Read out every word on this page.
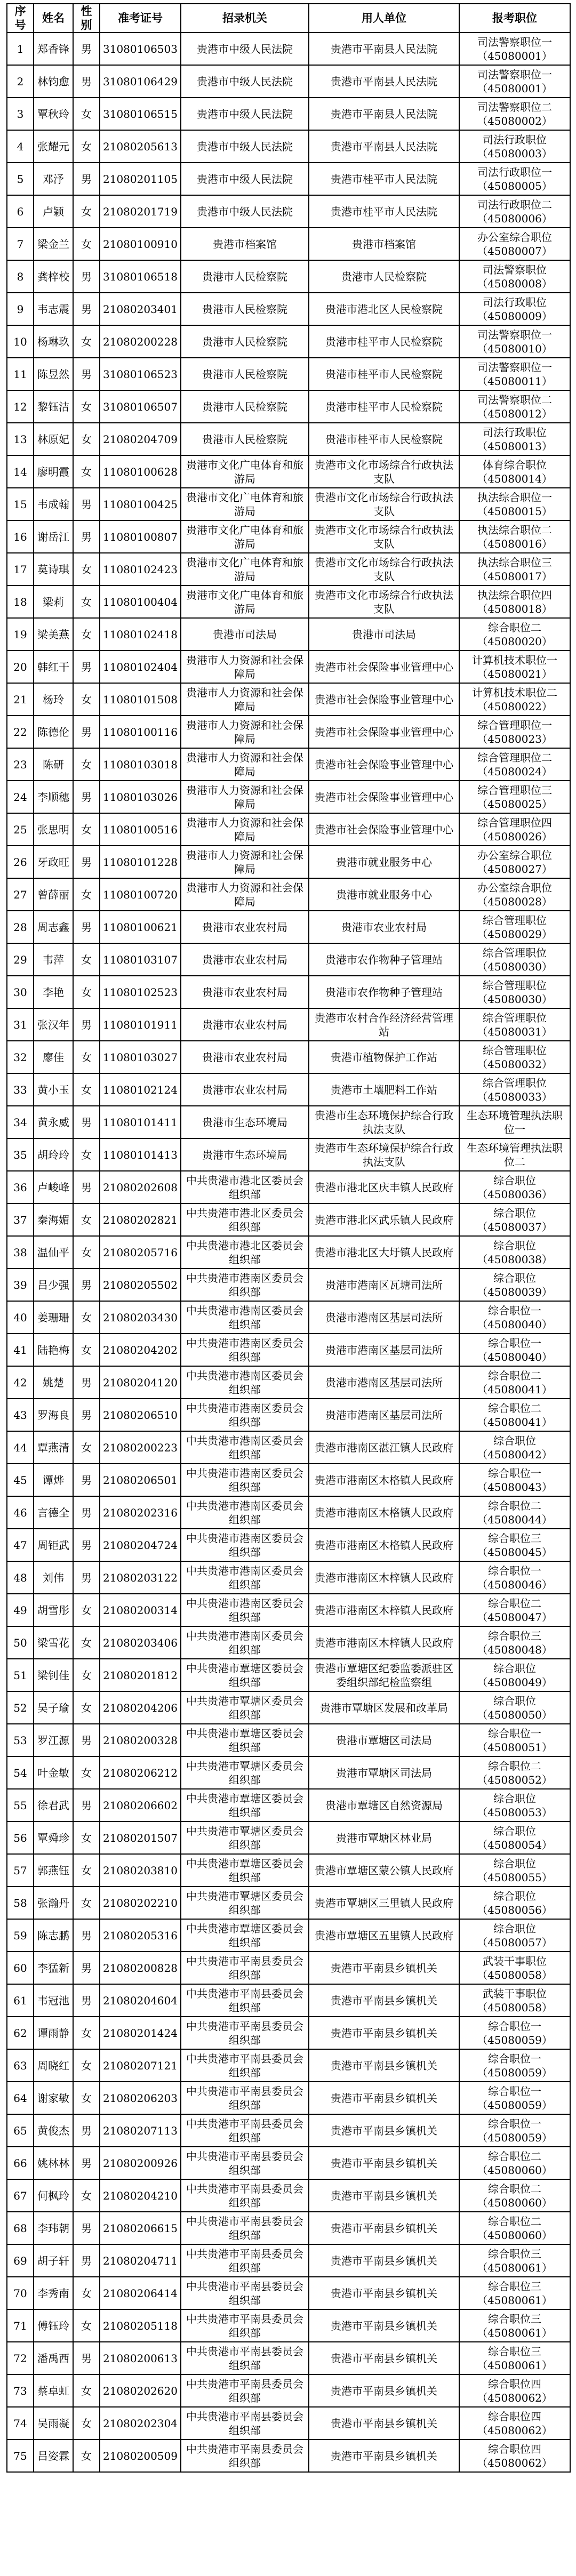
序号	姓名	性别	准考证号	招录机关	用人单位	报考职位
1	郑香锋	男	31080106503	贵港市中级人民法院	贵港市平南县人民法院	司法警察职位一（45080001）
2	林钧愈	男	31080106429	贵港市中级人民法院	贵港市平南县人民法院	司法警察职位一（45080001）
3	覃秋玲	女	31080106515	贵港市中级人民法院	贵港市平南县人民法院	司法警察职位二（45080002）
4	张耀元	女	21080205613	贵港市中级人民法院	贵港市平南县人民法院	司法行政职位（45080003）
5	邓汿	男	21080201105	贵港市中级人民法院	贵港市桂平市人民法院	司法行政职位一（45080005）
6	卢颖	女	21080201719	贵港市中级人民法院	贵港市桂平市人民法院	司法行政职位二（45080006）
7	梁金兰	女	21080100910	贵港市档案馆	贵港市档案馆	办公室综合职位（45080007）
8	龚梓校	男	31080106518	贵港市人民检察院	贵港市人民检察院	司法警察职位（45080008）
9	韦志震	男	21080203401	贵港市人民检察院	贵港市港北区人民检察院	司法行政职位（45080009）
10	杨琳玖	女	21080200228	贵港市人民检察院	贵港市桂平市人民检察院	司法警察职位一（45080010）
11	陈昱然	男	31080106523	贵港市人民检察院	贵港市桂平市人民检察院	司法警察职位一（45080011）
12	黎钰洁	女	31080106507	贵港市人民检察院	贵港市桂平市人民检察院	司法警察职位二（45080012）
13	林原妃	女	21080204709	贵港市人民检察院	贵港市桂平市人民检察院	司法行政职位（45080013）
14	廖明霞	女	11080100628	贵港市文化广电体育和旅游局	贵港市文化市场综合行政执法支队	体育综合职位（45080014）
15	韦成翰	男	11080100425	贵港市文化广电体育和旅游局	贵港市文化市场综合行政执法支队	执法综合职位一（45080015）
16	谢岳江	男	11080100807	贵港市文化广电体育和旅游局	贵港市文化市场综合行政执法支队	执法综合职位二（45080016）
17	莫诗琪	女	11080102423	贵港市文化广电体育和旅游局	贵港市文化市场综合行政执法支队	执法综合职位三（45080017）
18	梁莉	女	11080100404	贵港市文化广电体育和旅游局	贵港市文化市场综合行政执法支队	执法综合职位四（45080018）
19	梁美燕	女	11080102418	贵港市司法局	贵港市司法局	综合职位二（45080020）
20	韩红干	男	11080102404	贵港市人力资源和社会保障局	贵港市社会保险事业管理中心	计算机技术职位一（45080021）
21	杨玲	女	11080101508	贵港市人力资源和社会保障局	贵港市社会保险事业管理中心	计算机技术职位二（45080022）
22	陈德伦	男	11080100116	贵港市人力资源和社会保障局	贵港市社会保险事业管理中心	综合管理职位一（45080023）
23	陈研	女	11080103018	贵港市人力资源和社会保障局	贵港市社会保险事业管理中心	综合管理职位二（45080024）
24	李顺穗	男	11080103026	贵港市人力资源和社会保障局	贵港市社会保险事业管理中心	综合管理职位三（45080025）
25	张思明	女	11080100516	贵港市人力资源和社会保障局	贵港市社会保险事业管理中心	综合管理职位四（45080026）
26	牙政旺	男	11080101228	贵港市人力资源和社会保障局	贵港市就业服务中心	办公室综合职位（45080027）
27	曾薛丽	女	11080100720	贵港市人力资源和社会保障局	贵港市就业服务中心	办公室综合职位（45080028）
28	周志鑫	男	11080100621	贵港市农业农村局	贵港市农业农村局	综合管理职位（45080029）
29	韦萍	女	11080103107	贵港市农业农村局	贵港市农作物种子管理站	综合管理职位（45080030）
30	李艳	女	11080102523	贵港市农业农村局	贵港市农作物种子管理站	综合管理职位（45080030）
31	张汉年	男	11080101911	贵港市农业农村局	贵港市农村合作经济经营管理站	综合管理职位（45080031）
32	廖佳	女	11080103027	贵港市农业农村局	贵港市植物保护工作站	综合管理职位（45080032）
33	黄小玉	女	11080102124	贵港市农业农村局	贵港市土壤肥料工作站	综合管理职位（45080033）
34	黄永威	男	11080101411	贵港市生态环境局	贵港市生态环境保护综合行政执法支队	生态环境管理执法职位一
35	胡玲玲	女	11080101413	贵港市生态环境局	贵港市生态环境保护综合行政执法支队	生态环境管理执法职位二
36	卢峻峰	男	21080202608	中共贵港市港北区委员会组织部	贵港市港北区庆丰镇人民政府	综合职位（45080036）
37	秦海媚	女	21080202821	中共贵港市港北区委员会组织部	贵港市港北区武乐镇人民政府	综合职位（45080037）
38	温仙平	女	21080205716	中共贵港市港北区委员会组织部	贵港市港北区大圩镇人民政府	综合职位（45080038）
39	吕少强	男	21080205502	中共贵港市港南区委员会组织部	贵港市港南区瓦塘司法所	综合职位（45080039）
40	姜珊珊	女	21080203430	中共贵港市港南区委员会组织部	贵港市港南区基层司法所	综合职位一（45080040）
41	陆艳梅	女	21080204202	中共贵港市港南区委员会组织部	贵港市港南区基层司法所	综合职位一（45080040）
42	姚楚	男	21080204120	中共贵港市港南区委员会组织部	贵港市港南区基层司法所	综合职位二（45080041）
43	罗海良	男	21080206510	中共贵港市港南区委员会组织部	贵港市港南区基层司法所	综合职位二（45080041）
44	覃燕清	女	21080200223	中共贵港市港南区委员会组织部	贵港市港南区湛江镇人民政府	综合职位（45080042）
45	谭烨	男	21080206501	中共贵港市港南区委员会组织部	贵港市港南区木格镇人民政府	综合职位一（45080043）
46	言德全	男	21080202316	中共贵港市港南区委员会组织部	贵港市港南区木格镇人民政府	综合职位二（45080044）
47	周钜武	男	21080204724	中共贵港市港南区委员会组织部	贵港市港南区木格镇人民政府	综合职位三（45080045）
48	刘伟	男	21080203122	中共贵港市港南区委员会组织部	贵港市港南区木梓镇人民政府	综合职位一（45080046）
49	胡雪彤	女	21080200314	中共贵港市港南区委员会组织部	贵港市港南区木梓镇人民政府	综合职位二（45080047）
50	梁雪花	女	21080203406	中共贵港市港南区委员会组织部	贵港市港南区木梓镇人民政府	综合职位三（45080048）
51	梁钊佳	女	21080201812	中共贵港市覃塘区委员会组织部	贵港市覃塘区纪委监委派驻区委组织部纪检监察组	综合职位（45080049）
52	吴子瑜	女	21080204206	中共贵港市覃塘区委员会组织部	贵港市覃塘区发展和改革局	综合职位（45080050）
53	罗江源	男	21080200328	中共贵港市覃塘区委员会组织部	贵港市覃塘区司法局	综合职位一（45080051）
54	叶金敏	女	21080206212	中共贵港市覃塘区委员会组织部	贵港市覃塘区司法局	综合职位二（45080052）
55	徐君武	男	21080206602	中共贵港市覃塘区委员会组织部	贵港市覃塘区自然资源局	综合职位（45080053）
56	覃舜珍	女	21080201507	中共贵港市覃塘区委员会组织部	贵港市覃塘区林业局	综合职位（45080054）
57	郭燕钰	女	21080203810	中共贵港市覃塘区委员会组织部	贵港市覃塘区蒙公镇人民政府	综合职位（45080055）
58	张瀚丹	女	21080202210	中共贵港市覃塘区委员会组织部	贵港市覃塘区三里镇人民政府	综合职位（45080056）
59	陈志鹏	男	21080205316	中共贵港市覃塘区委员会组织部	贵港市覃塘区五里镇人民政府	综合职位（45080057）
60	李猛新	男	21080200828	中共贵港市平南县委员会组织部	贵港市平南县乡镇机关	武装干事职位（45080058）
61	韦冠池	男	21080204604	中共贵港市平南县委员会组织部	贵港市平南县乡镇机关	武装干事职位（45080058）
62	谭雨静	女	21080201424	中共贵港市平南县委员会组织部	贵港市平南县乡镇机关	综合职位一（45080059）
63	周晓红	女	21080207121	中共贵港市平南县委员会组织部	贵港市平南县乡镇机关	综合职位一（45080059）
64	谢家敏	女	21080206203	中共贵港市平南县委员会组织部	贵港市平南县乡镇机关	综合职位一（45080059）
65	黄俊杰	男	21080207113	中共贵港市平南县委员会组织部	贵港市平南县乡镇机关	综合职位一（45080059）
66	姚林林	男	21080200926	中共贵港市平南县委员会组织部	贵港市平南县乡镇机关	综合职位二（45080060）
67	何枫玲	女	21080204210	中共贵港市平南县委员会组织部	贵港市平南县乡镇机关	综合职位二（45080060）
68	李玮朝	男	21080206615	中共贵港市平南县委员会组织部	贵港市平南县乡镇机关	综合职位二（45080060）
69	胡子轩	男	21080204711	中共贵港市平南县委员会组织部	贵港市平南县乡镇机关	综合职位三（45080061）
70	李秀南	女	21080206414	中共贵港市平南县委员会组织部	贵港市平南县乡镇机关	综合职位三（45080061）
71	傅钰玲	女	21080205118	中共贵港市平南县委员会组织部	贵港市平南县乡镇机关	综合职位三（45080061）
72	潘禹西	男	21080200613	中共贵港市平南县委员会组织部	贵港市平南县乡镇机关	综合职位三（45080061）
73	蔡卓虹	女	21080202620	中共贵港市平南县委员会组织部	贵港市平南县乡镇机关	综合职位四（45080062）
74	吴雨凝	女	21080202304	中共贵港市平南县委员会组织部	贵港市平南县乡镇机关	综合职位四（45080062）
75	吕姿霖	女	21080200509	中共贵港市平南县委员会组织部	贵港市平南县乡镇机关	综合职位四（45080062）
